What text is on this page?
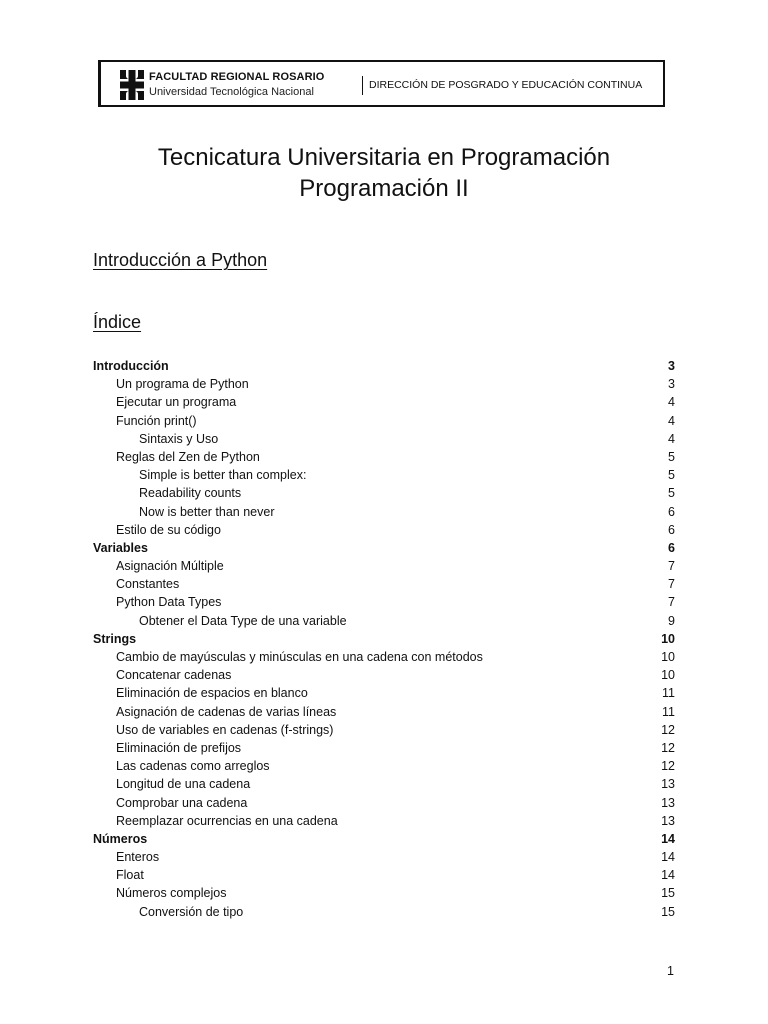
FACULTAD REGIONAL ROSARIO
Universidad Tecnológica Nacional
DIRECCIÓN DE POSGRADO Y EDUCACIÓN CONTINUA
Tecnicatura Universitaria en Programación
Programación II
Introducción a Python
Índice
Introducción	3
Un programa de Python	3
Ejecutar un programa	4
Función print()	4
Sintaxis y Uso	4
Reglas del Zen de Python	5
Simple is better than complex:	5
Readability counts	5
Now is better than never	6
Estilo de su código	6
Variables	6
Asignación Múltiple	7
Constantes	7
Python Data Types	7
Obtener el Data Type de una variable	9
Strings	10
Cambio de mayúsculas y minúsculas en una cadena con métodos	10
Concatenar cadenas	10
Eliminación de espacios en blanco	11
Asignación de cadenas de varias líneas	11
Uso de variables en cadenas (f-strings)	12
Eliminación de prefijos	12
Las cadenas como arreglos	12
Longitud de una cadena	13
Comprobar una cadena	13
Reemplazar ocurrencias en una cadena	13
Números	14
Enteros	14
Float	14
Números complejos	15
Conversión de tipo	15
1
